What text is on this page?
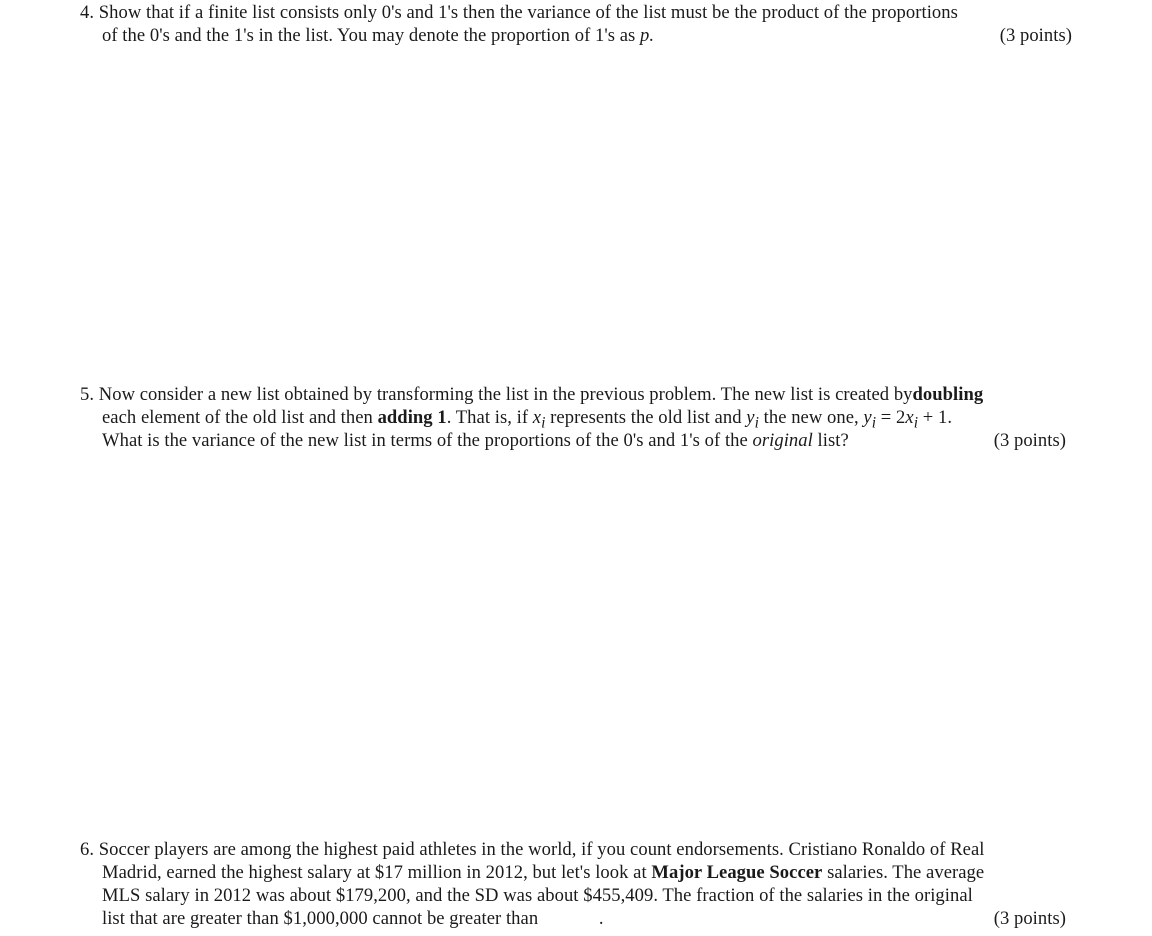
4. Show that if a finite list consists only 0's and 1's then the variance of the list must be the product of the proportions
of the 0's and the 1's in the list. You may denote the proportion of 1's as p.	(3 points)
5. Now consider a new list obtained by transforming the list in the previous problem. The new list is created bydoubling
each element of the old list and then adding 1. That is, if $x_i$ represents the old list and $y_i$ the new one, $y_i = 2x_i + 1$.
What is the variance of the new list in terms of the proportions of the 0's and 1's of the original list?	(3 points)
6. Soccer players are among the highest paid athletes in the world, if you count endorsements. Cristiano Ronaldo of Real
Madrid, earned the highest salary at $17 million in 2012, but let's look at Major League Soccer salaries. The average
MLS salary in 2012 was about $179,200, and the SD was about $455,409. The fraction of the salaries in the original
list that are greater than $1,000,000 cannot be greater than	.	(3 points)
